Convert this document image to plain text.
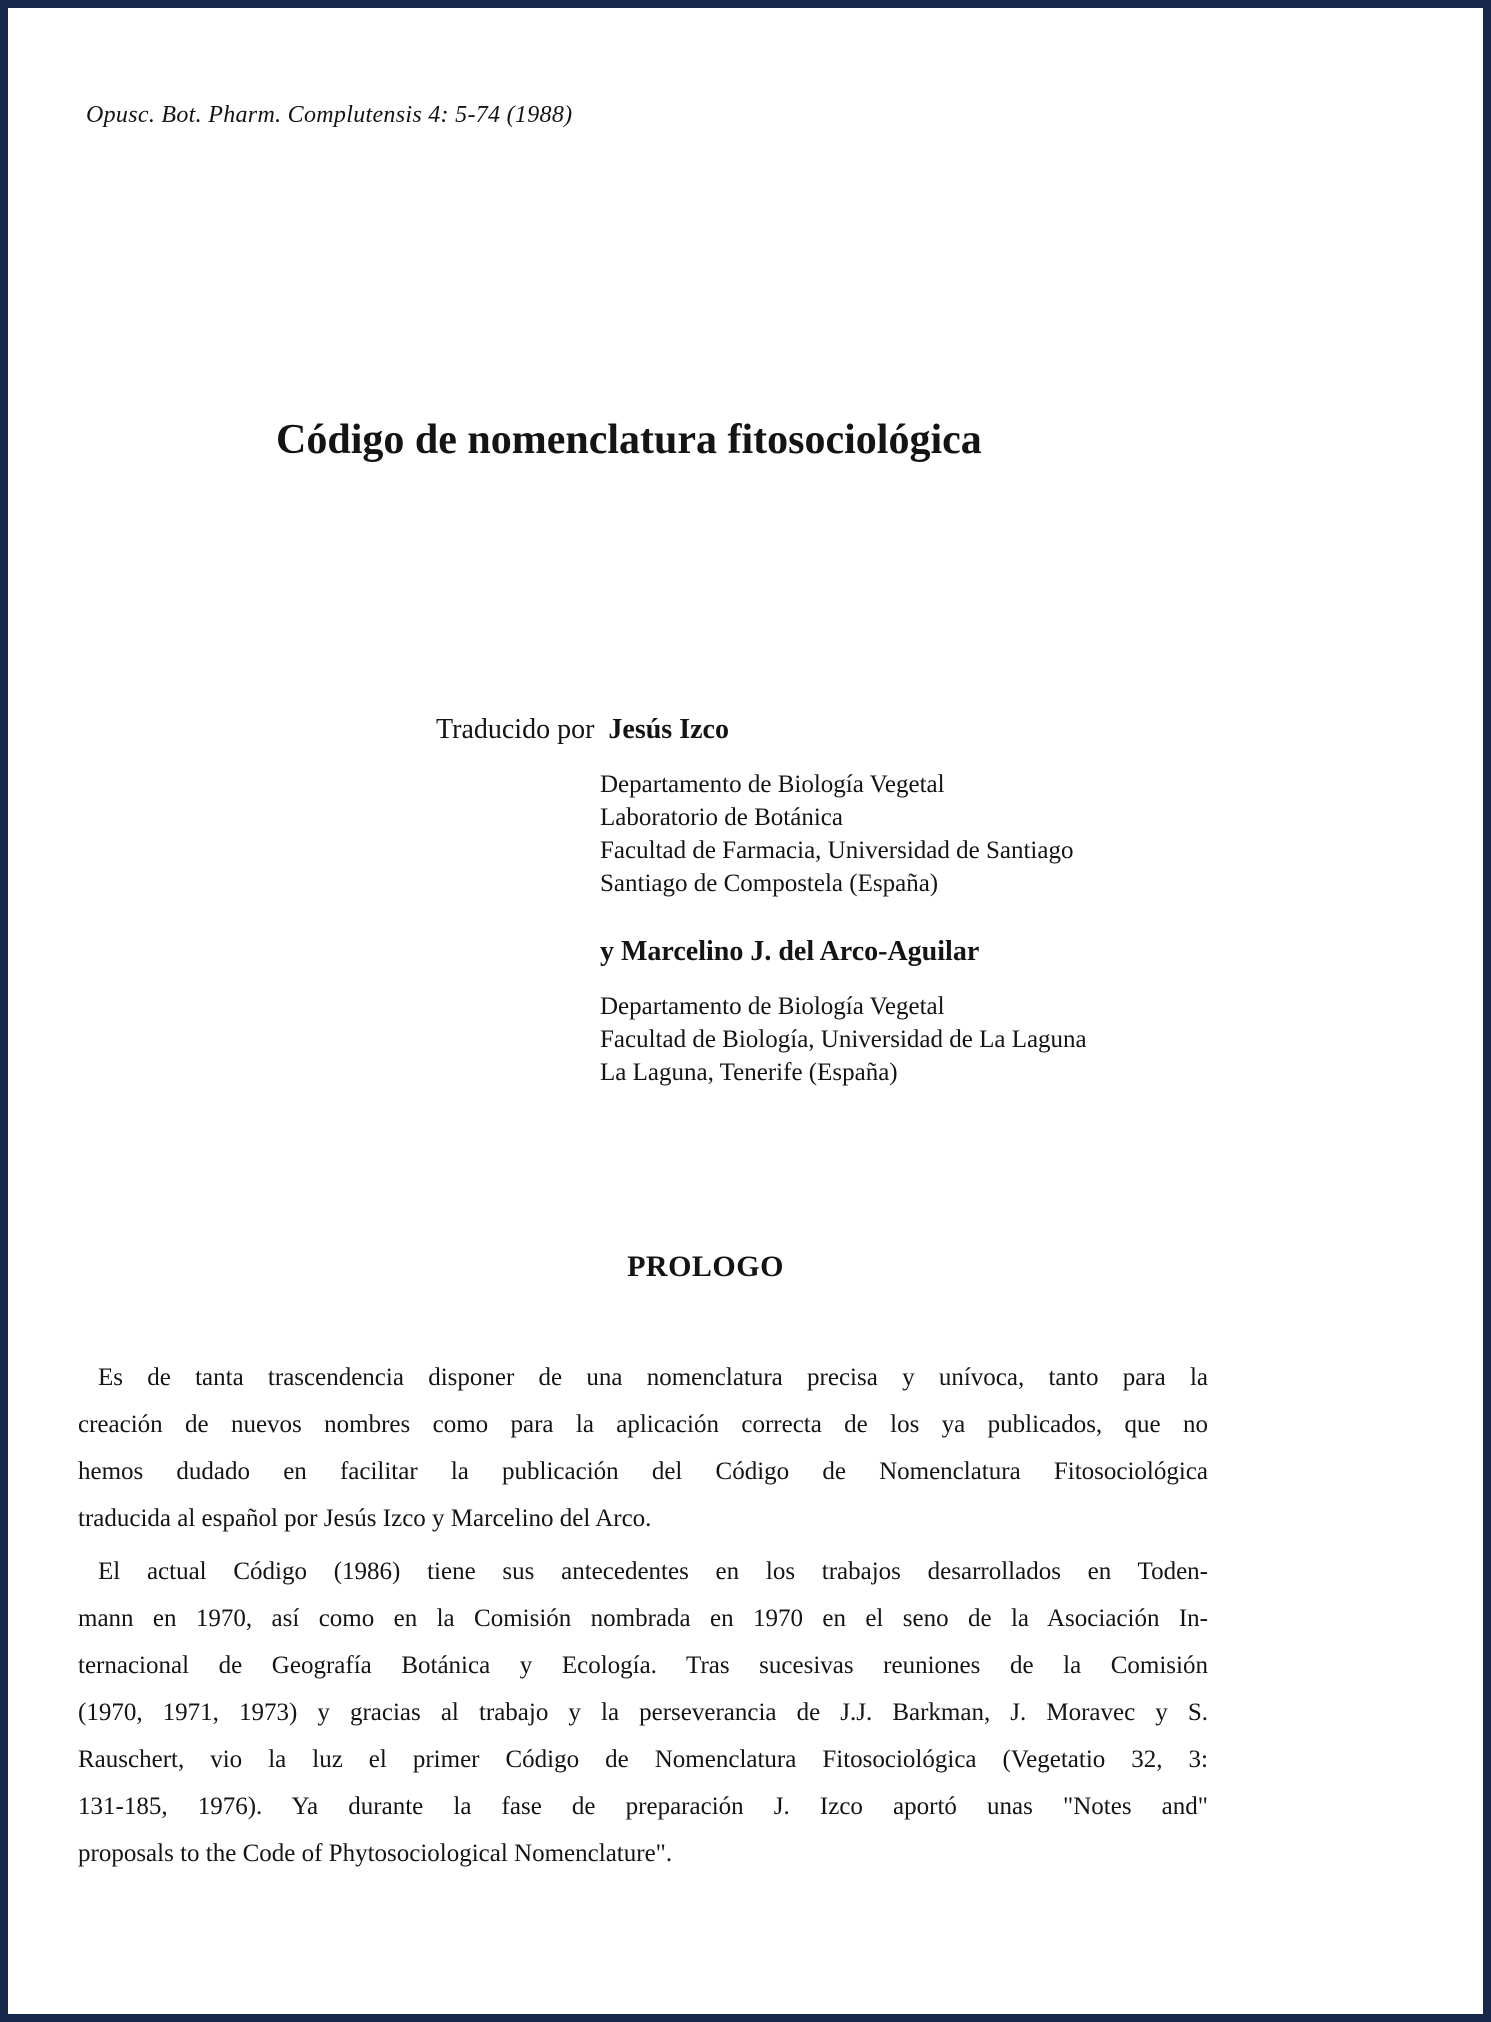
Opusc. Bot. Pharm. Complutensis 4: 5-74 (1988)
Código de nomenclatura fitosociológica
Traducido por Jesús Izco
Departamento de Biología Vegetal
Laboratorio de Botánica
Facultad de Farmacia, Universidad de Santiago
Santiago de Compostela (España)
y Marcelino J. del Arco-Aguilar
Departamento de Biología Vegetal
Facultad de Biología, Universidad de La Laguna
La Laguna, Tenerife (España)
PROLOGO
Es de tanta trascendencia disponer de una nomenclatura precisa y unívoca, tanto para la
creación de nuevos nombres como para la aplicación correcta de los ya publicados, que no
hemos dudado en facilitar la publicación del Código de Nomenclatura Fitosociológica
traducida al español por Jesús Izco y Marcelino del Arco.
El actual Código (1986) tiene sus antecedentes en los trabajos desarrollados en Toden-
mann en 1970, así como en la Comisión nombrada en 1970 en el seno de la Asociación In-
ternacional de Geografía Botánica y Ecología. Tras sucesivas reuniones de la Comisión
(1970, 1971, 1973) y gracias al trabajo y la perseverancia de J.J. Barkman, J. Moravec y S.
Rauschert, vio la luz el primer Código de Nomenclatura Fitosociológica (Vegetatio 32, 3:
131-185, 1976). Ya durante la fase de preparación J. Izco aportó unas "Notes and"
proposals to the Code of Phytosociological Nomenclature".
